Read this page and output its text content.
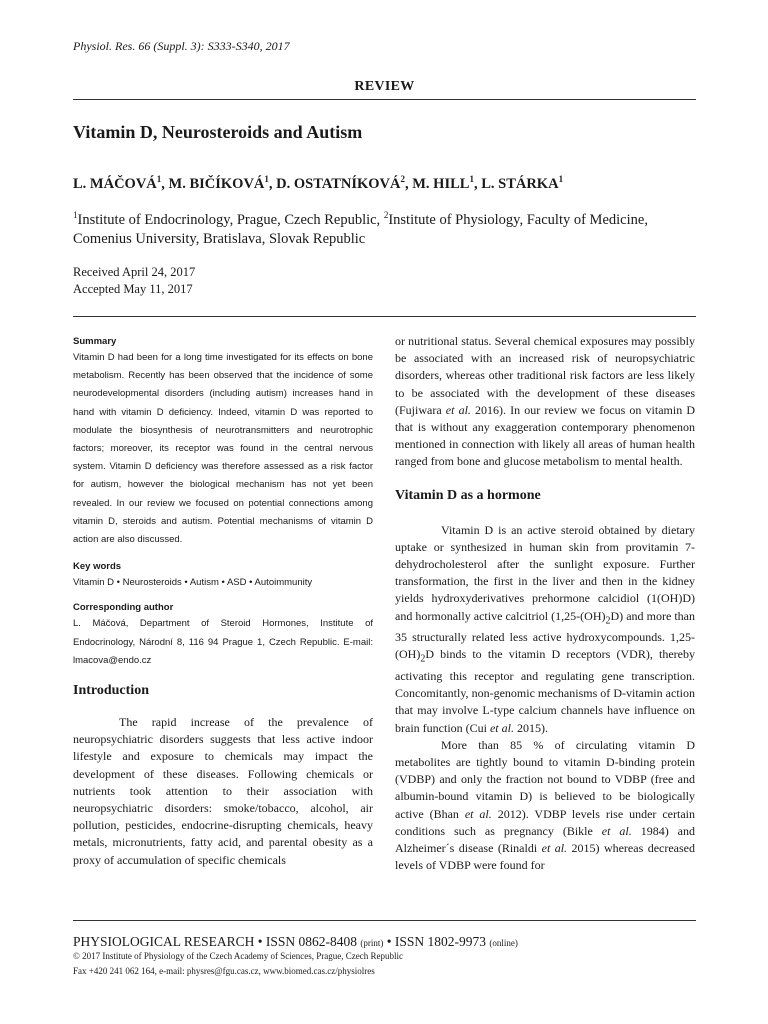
Physiol. Res. 66 (Suppl. 3): S333-S340, 2017
REVIEW
Vitamin D, Neurosteroids and Autism
L. MÁČOVÁ$^1$, M. BIČÍKOVÁ$^1$, D. OSTATNÍKOVÁ$^2$, M. HILL$^1$, L. STÁRKA$^1$
$^1$Institute of Endocrinology, Prague, Czech Republic, $^2$Institute of Physiology, Faculty of Medicine, Comenius University, Bratislava, Slovak Republic
Received April 24, 2017
Accepted May 11, 2017

Summary

Vitamin D had been for a long time investigated for its effects on bone metabolism. Recently has been observed that the incidence of some neurodevelopmental disorders (including autism) increases hand in hand with vitamin D deficiency. Indeed, vitamin D was reported to modulate the biosynthesis of neurotransmitters and neurotrophic factors; moreover, its receptor was found in the central nervous system. Vitamin D deficiency was therefore assessed as a risk factor for autism, however the biological mechanism has not yet been revealed. In our review we focused on potential connections among vitamin D, steroids and autism. Potential mechanisms of vitamin D action are also discussed.

Key words

Vitamin D • Neurosteroids • Autism • ASD • Autoimmunity

Corresponding author

L. Máčová, Department of Steroid Hormones, Institute of Endocrinology, Národní 8, 116 94 Prague 1, Czech Republic. E-mail: lmacova@endo.cz

Introduction

The rapid increase of the prevalence of neuropsychiatric disorders suggests that less active indoor lifestyle and exposure to chemicals may impact the development of these diseases. Following chemicals or nutrients took attention to their association with neuropsychiatric disorders: smoke/tobacco, alcohol, air pollution, pesticides, endocrine-disrupting chemicals, heavy metals, micronutrients, fatty acid, and parental obesity as a proxy of accumulation of specific chemicals

or nutritional status. Several chemical exposures may possibly be associated with an increased risk of neuropsychiatric disorders, whereas other traditional risk factors are less likely to be associated with the development of these diseases (Fujiwara et al. 2016). In our review we focus on vitamin D that is without any exaggeration contemporary phenomenon mentioned in connection with likely all areas of human health ranged from bone and glucose metabolism to mental health.

Vitamin D as a hormone

Vitamin D is an active steroid obtained by dietary uptake or synthesized in human skin from provitamin 7-dehydrocholesterol after the sunlight exposure. Further transformation, the first in the liver and then in the kidney yields hydroxyderivatives prehormone calcidiol (1(OH)D) and hormonally active calcitriol $(1,25-(OH)_2D)$ and more than 35 structurally related less active hydroxycompounds. $1,25-(OH)_2D$ binds to the vitamin D receptors (VDR), thereby activating this receptor and regulating gene transcription. Concomitantly, non-genomic mechanisms of D-vitamin action that may involve L-type calcium channels have influence on brain function (Cui et al. 2015).

More than 85 % of circulating vitamin D metabolites are tightly bound to vitamin D-binding protein (VDBP) and only the fraction not bound to VDBP (free and albumin-bound vitamin D) is believed to be biologically active (Bhan et al. 2012). VDBP levels rise under certain conditions such as pregnancy (Bikle et al. 1984) and Alzheimer´s disease (Rinaldi et al. 2015) whereas decreased levels of VDBP were found for

PHYSIOLOGICAL RESEARCH • ISSN 0862-8408 (print) • ISSN 1802-9973 (online)
© 2017 Institute of Physiology of the Czech Academy of Sciences, Prague, Czech Republic
Fax +420 241 062 164, e-mail: physres@fgu.cas.cz, www.biomed.cas.cz/physiolres
